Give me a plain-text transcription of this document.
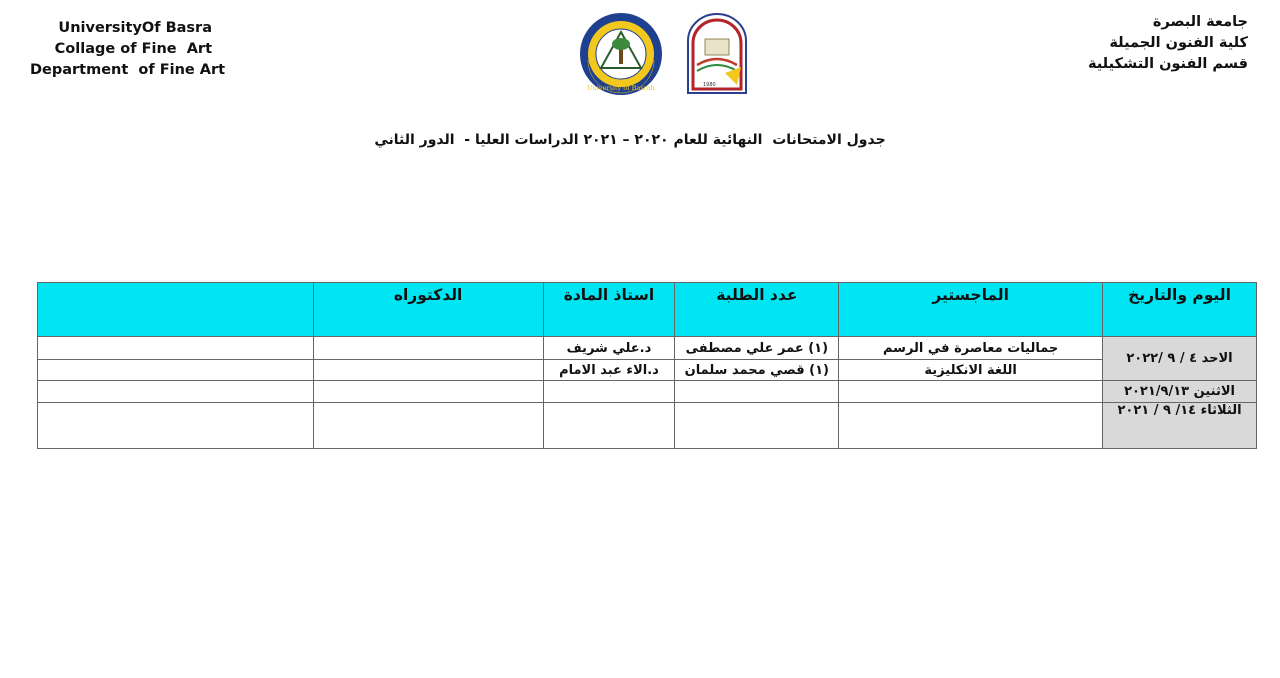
UniversityOf Basra
Collage of Fine  Art
Department  of Fine Art
University of Basrah	1980
جامعة البصرة
كلية الفنون الجميلة
قسم الفنون التشكيلية
جدول الامتحانات  النهائية للعام ٢٠٢٠ – ٢٠٢١ الدراسات العليا -  الدور الثاني
اليوم والتاريخ	الماجستير	عدد الطلبة	استاذ المادة	الدكتوراه	
الاحد ٤ / ٩ /٢٠٢٢	جماليات معاصرة في الرسم	(١) عمر علي مصطفى	د.علي شريف		
	اللغة الانكليزية	(١) قصي محمد سلمان	د.الاء عبد الامام		
الاثنين ٢٠٢١/٩/١٣					
الثلاثاء ١٤/ ٩ / ٢٠٢١					
